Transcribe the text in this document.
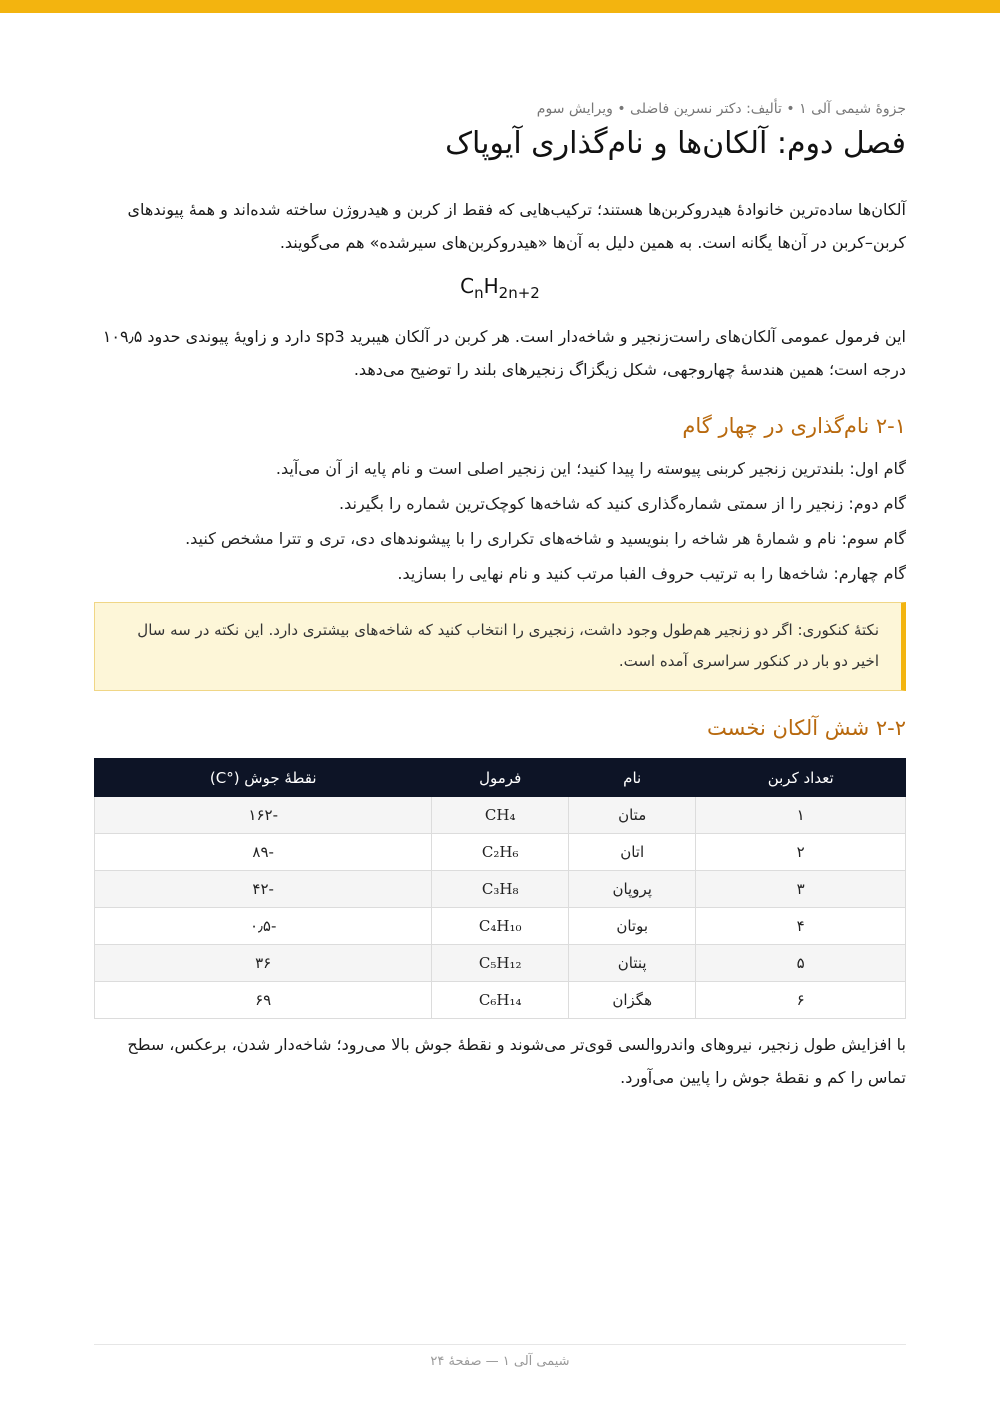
جزوهٔ شیمی آلی ۱ • تألیف: دکتر نسرین فاضلی • ویرایش سوم
فصل دوم: آلکان‌ها و نام‌گذاری آیوپاک

آلکان‌ها ساده‌ترین خانوادهٔ هیدروکربن‌ها هستند؛ ترکیب‌هایی که فقط از کربن و هیدروژن ساخته شده‌اند و همهٔ پیوندهای کربن–کربن در آن‌ها یگانه است. به همین دلیل به آن‌ها «هیدروکربن‌های سیرشده» هم می‌گویند.

$C_nH_{2n+2}$

این فرمول عمومی آلکان‌های راست‌زنجیر و شاخه‌دار است. هر کربن در آلکان هیبرید sp3 دارد و زاویهٔ پیوندی حدود ۱۰۹٫۵ درجه است؛ همین هندسهٔ چهاروجهی، شکل زیگزاگ زنجیرهای بلند را توضیح می‌دهد.

۲-۱ نام‌گذاری در چهار گام
گام اول: بلندترین زنجیر کربنی پیوسته را پیدا کنید؛ این زنجیر اصلی است و نام پایه از آن می‌آید.
گام دوم: زنجیر را از سمتی شماره‌گذاری کنید که شاخه‌ها کوچک‌ترین شماره را بگیرند.
گام سوم: نام و شمارهٔ هر شاخه را بنویسید و شاخه‌های تکراری را با پیشوندهای دی، تری و تترا مشخص کنید.
گام چهارم: شاخه‌ها را به ترتیب حروف الفبا مرتب کنید و نام نهایی را بسازید.
نکتهٔ کنکوری: اگر دو زنجیر هم‌طول وجود داشت، زنجیری را انتخاب کنید که شاخه‌های بیشتری دارد. این نکته در سه سال اخیر دو بار در کنکور سراسری آمده است.
۲-۲ شش آلکان نخست
تعداد کربن	نام	فرمول	نقطهٔ جوش (°C)
۱	متان	CH₄	-۱۶۲
۲	اتان	C₂H₆	-۸۹
۳	پروپان	C₃H₈	-۴۲
۴	بوتان	C₄H₁₀	-۰٫۵
۵	پنتان	C₅H₁₂	۳۶
۶	هگزان	C₆H₁₄	۶۹

با افزایش طول زنجیر، نیروهای واندروالسی قوی‌تر می‌شوند و نقطهٔ جوش بالا می‌رود؛ شاخه‌دار شدن، برعکس، سطح تماس را کم و نقطهٔ جوش را پایین می‌آورد.

شیمی آلی ۱ — صفحهٔ ۲۴
